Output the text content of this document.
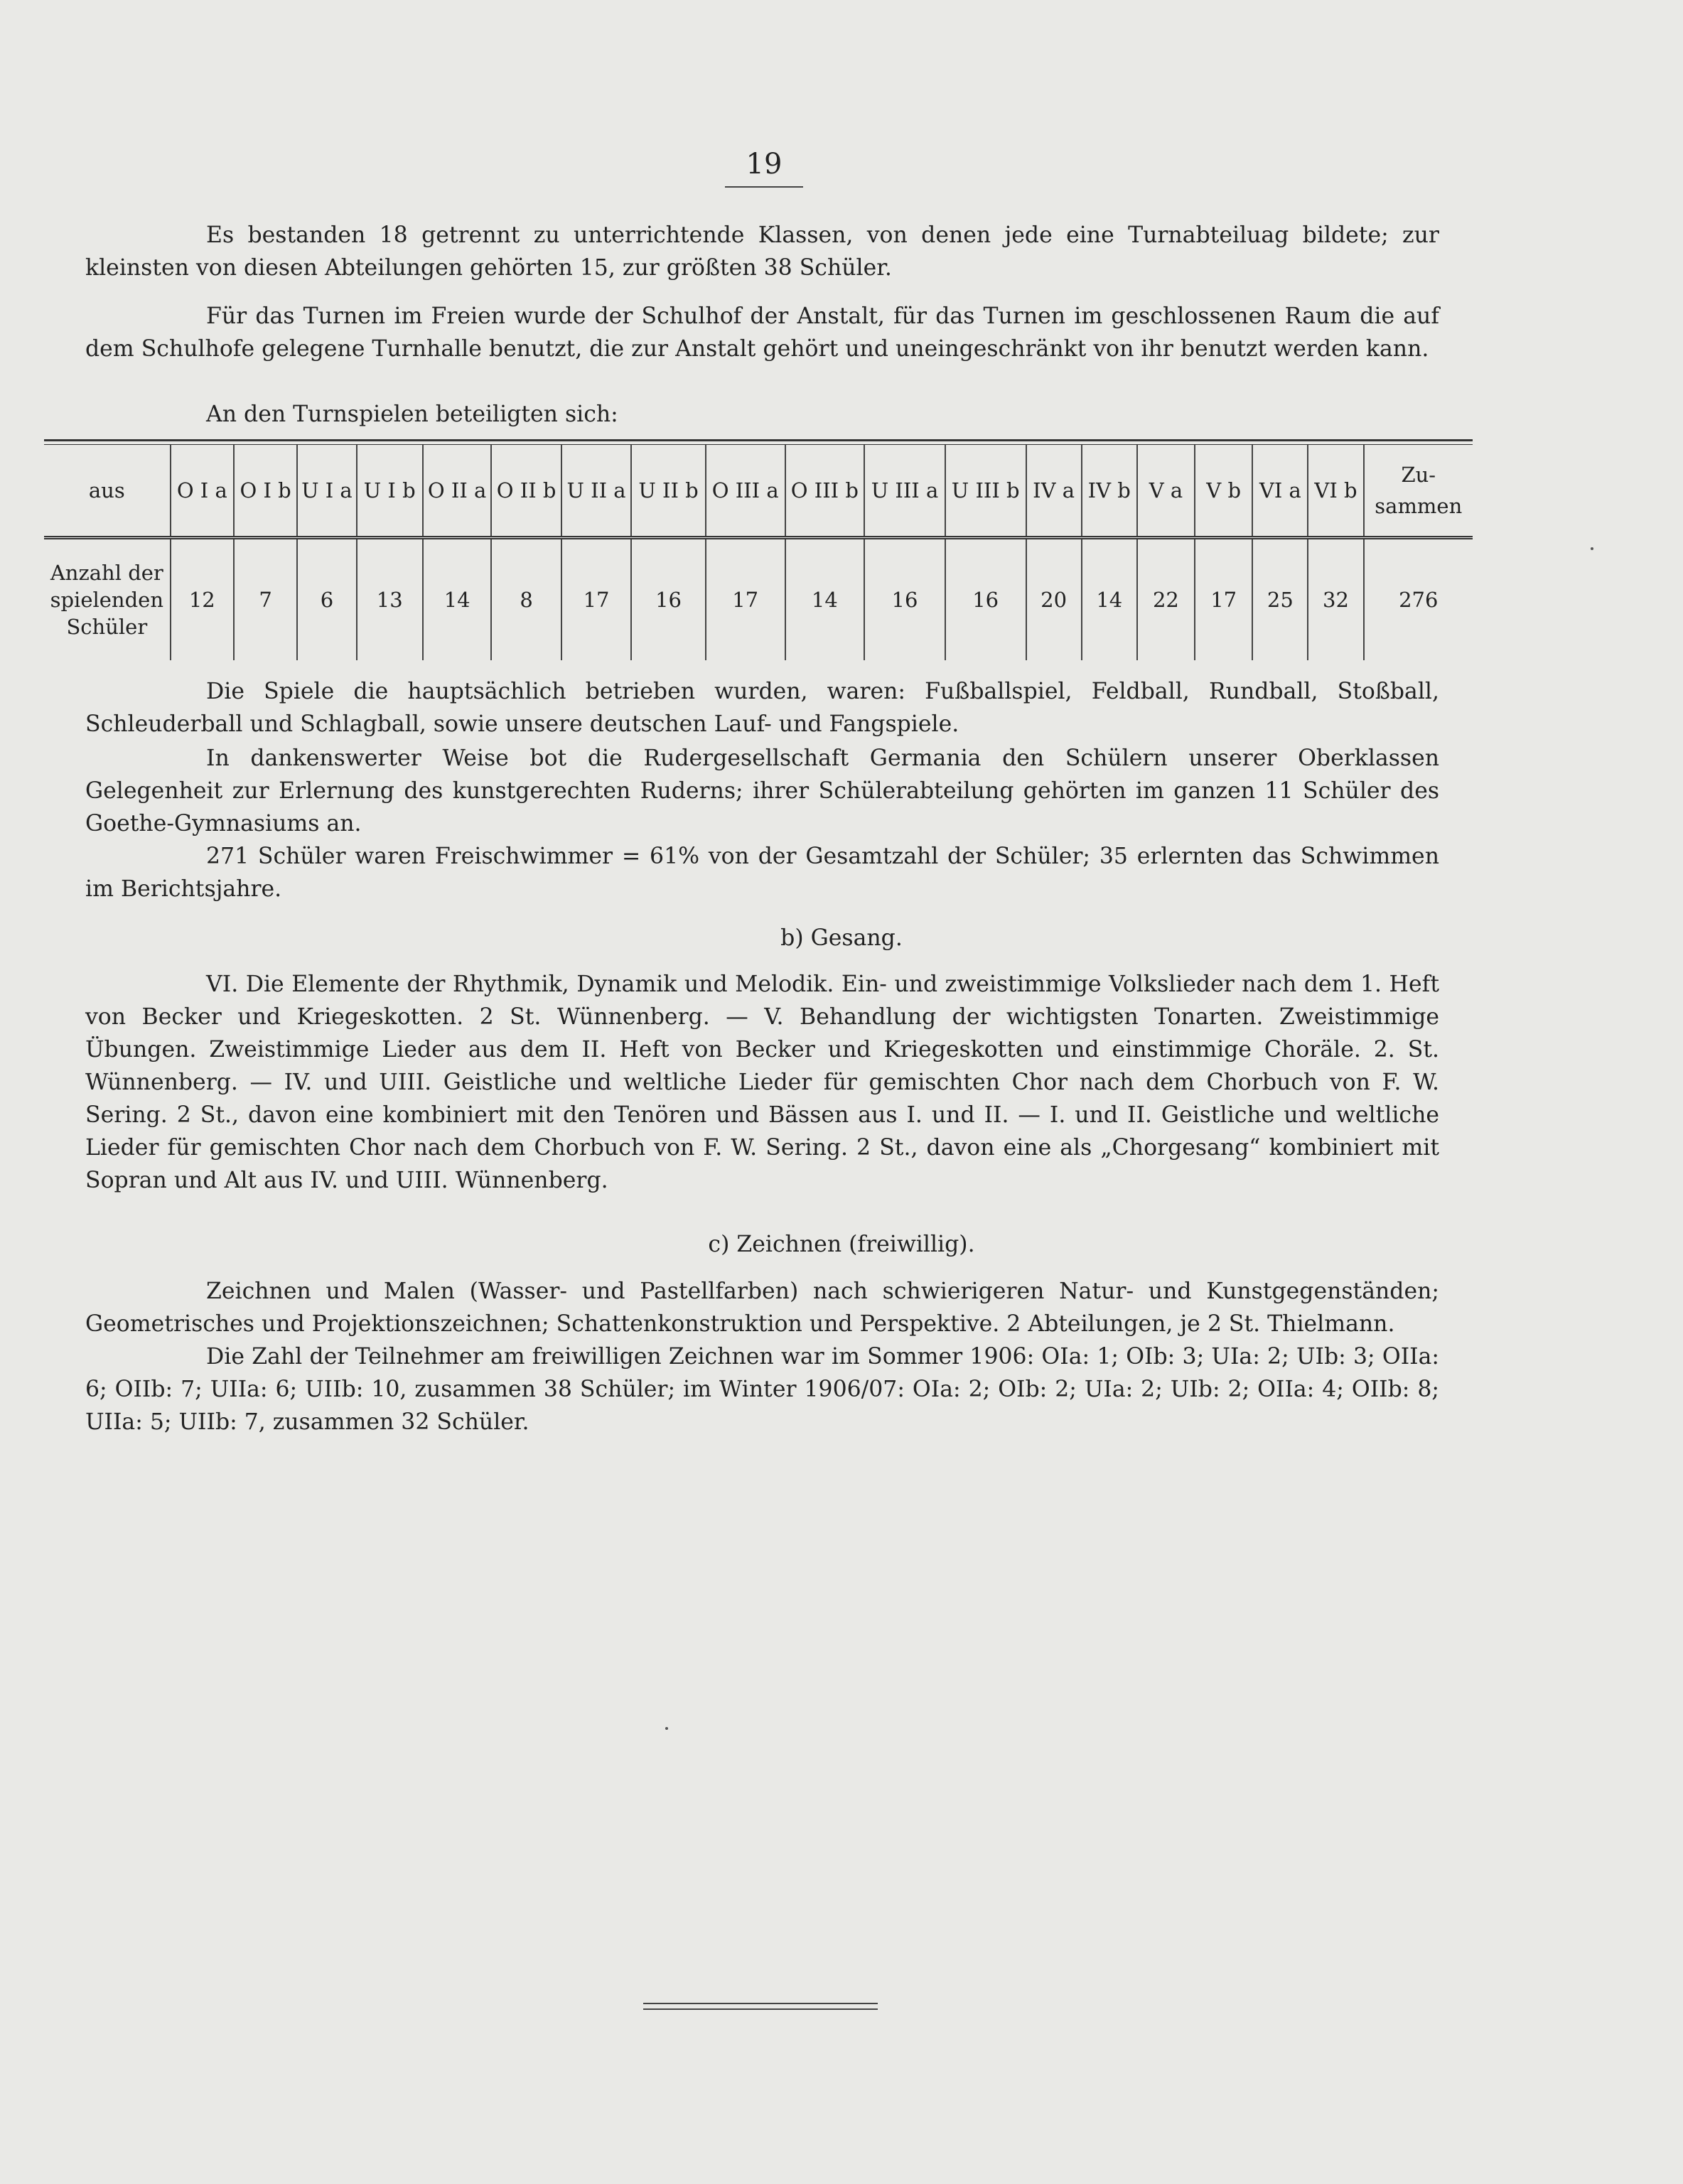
19

Es bestanden 18 getrennt zu unterrichtende Klassen, von denen jede eine Turnabteiluag bildete; zur kleinsten von diesen Abteilungen gehörten 15, zur größten 38 Schüler.

Für das Turnen im Freien wurde der Schulhof der Anstalt, für das Turnen im geschlossenen Raum die auf dem Schulhofe gelegene Turnhalle benutzt, die zur Anstalt gehört und uneingeschränkt von ihr benutzt werden kann.

An den Turnspielen beteiligten sich:

aus	O I a	O I b	U I a	U I b	O II a	O II b	U II a	U II b	O III a	O III b	U III a	U III b	IV a	IV b	V a	V b	VI a	VI b	Zu-sammen
Anzahl der spielenden Schüler	12	7	6	13	14	8	17	16	17	14	16	16	20	14	22	17	25	32	276

Die Spiele die hauptsächlich betrieben wurden, waren: Fußballspiel, Feldball, Rundball, Stoßball, Schleuderball und Schlagball, sowie unsere deutschen Lauf- und Fangspiele.

In dankenswerter Weise bot die Rudergesellschaft Germania den Schülern unserer Oberklassen Gelegenheit zur Erlernung des kunstgerechten Ruderns; ihrer Schülerabteilung gehörten im ganzen 11 Schüler des Goethe-Gymnasiums an.

271 Schüler waren Freischwimmer = 61% von der Gesamtzahl der Schüler; 35 erlernten das Schwimmen im Berichtsjahre.

b) Gesang.

VI. Die Elemente der Rhythmik, Dynamik und Melodik. Ein- und zweistimmige Volkslieder nach dem 1. Heft von Becker und Kriegeskotten. 2 St. Wünnenberg. — V. Behandlung der wichtigsten Tonarten. Zweistimmige Übungen. Zweistimmige Lieder aus dem II. Heft von Becker und Kriegeskotten und einstimmige Choräle. 2. St. Wünnenberg. — IV. und UIII. Geistliche und weltliche Lieder für gemischten Chor nach dem Chorbuch von F. W. Sering. 2 St., davon eine kombiniert mit den Tenören und Bässen aus I. und II. — I. und II. Geistliche und weltliche Lieder für gemischten Chor nach dem Chorbuch von F. W. Sering. 2 St., davon eine als „Chorgesang“ kombiniert mit Sopran und Alt aus IV. und UIII. Wünnenberg.

c) Zeichnen (freiwillig).

Zeichnen und Malen (Wasser- und Pastellfarben) nach schwierigeren Natur- und Kunstgegenständen; Geometrisches und Projektionszeichnen; Schattenkonstruktion und Perspektive. 2 Abteilungen, je 2 St. Thielmann.

Die Zahl der Teilnehmer am freiwilligen Zeichnen war im Sommer 1906: OIa: 1; OIb: 3; UIa: 2; UIb: 3; OIIa: 6; OIIb: 7; UIIa: 6; UIIb: 10, zusammen 38 Schüler; im Winter 1906/07: OIa: 2; OIb: 2; UIa: 2; UIb: 2; OIIa: 4; OIIb: 8; UIIa: 5; UIIb: 7, zusammen 32 Schüler.
